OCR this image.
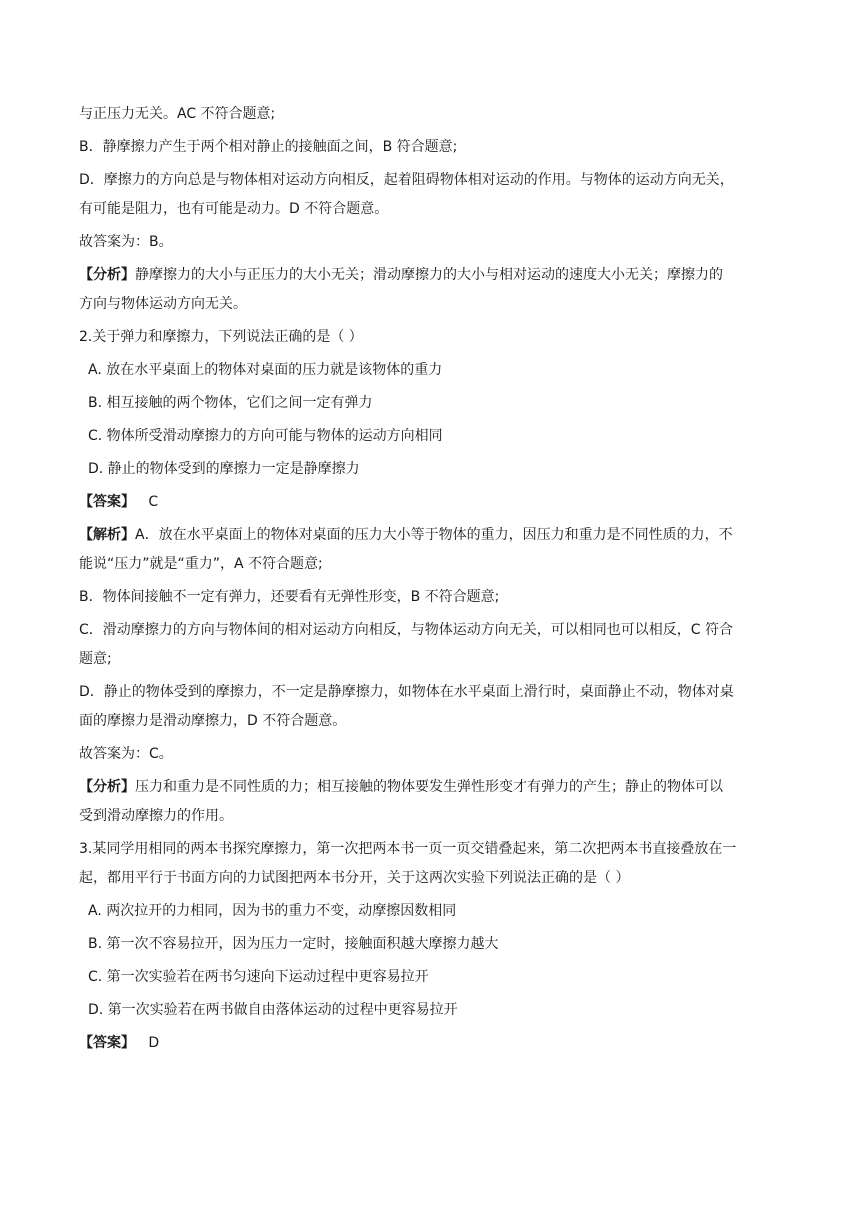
与正压力无关。AC 不符合题意;

B．静摩擦力产生于两个相对静止的接触面之间，B 符合题意;

D．摩擦力的方向总是与物体相对运动方向相反，起着阻碍物体相对运动的作用。与物体的运动方向无关，

有可能是阻力，也有可能是动力。D 不符合题意。

故答案为：B。

【分析】静摩擦力的大小与正压力的大小无关；滑动摩擦力的大小与相对运动的速度大小无关；摩擦力的

方向与物体运动方向无关。

2.关于弹力和摩擦力，下列说法正确的是（ ）

A. 放在水平桌面上的物体对桌面的压力就是该物体的重力

B. 相互接触的两个物体，它们之间一定有弹力

C. 物体所受滑动摩擦力的方向可能与物体的运动方向相同

D. 静止的物体受到的摩擦力一定是静摩擦力

【答案】 C

【解析】A．放在水平桌面上的物体对桌面的压力大小等于物体的重力，因压力和重力是不同性质的力，不

能说“压力”就是“重力”，A 不符合题意;

B．物体间接触不一定有弹力，还要看有无弹性形变，B 不符合题意;

C．滑动摩擦力的方向与物体间的相对运动方向相反，与物体运动方向无关，可以相同也可以相反，C 符合

题意;

D．静止的物体受到的摩擦力，不一定是静摩擦力，如物体在水平桌面上滑行时，桌面静止不动，物体对桌

面的摩擦力是滑动摩擦力，D 不符合题意。

故答案为：C。

【分析】压力和重力是不同性质的力；相互接触的物体要发生弹性形变才有弹力的产生；静止的物体可以

受到滑动摩擦力的作用。

3.某同学用相同的两本书探究摩擦力，第一次把两本书一页一页交错叠起来，第二次把两本书直接叠放在一

起，都用平行于书面方向的力试图把两本书分开，关于这两次实验下列说法正确的是（ ）

A. 两次拉开的力相同，因为书的重力不变，动摩擦因数相同

B. 第一次不容易拉开，因为压力一定时，接触面积越大摩擦力越大

C. 第一次实验若在两书匀速向下运动过程中更容易拉开

D. 第一次实验若在两书做自由落体运动的过程中更容易拉开

【答案】 D
